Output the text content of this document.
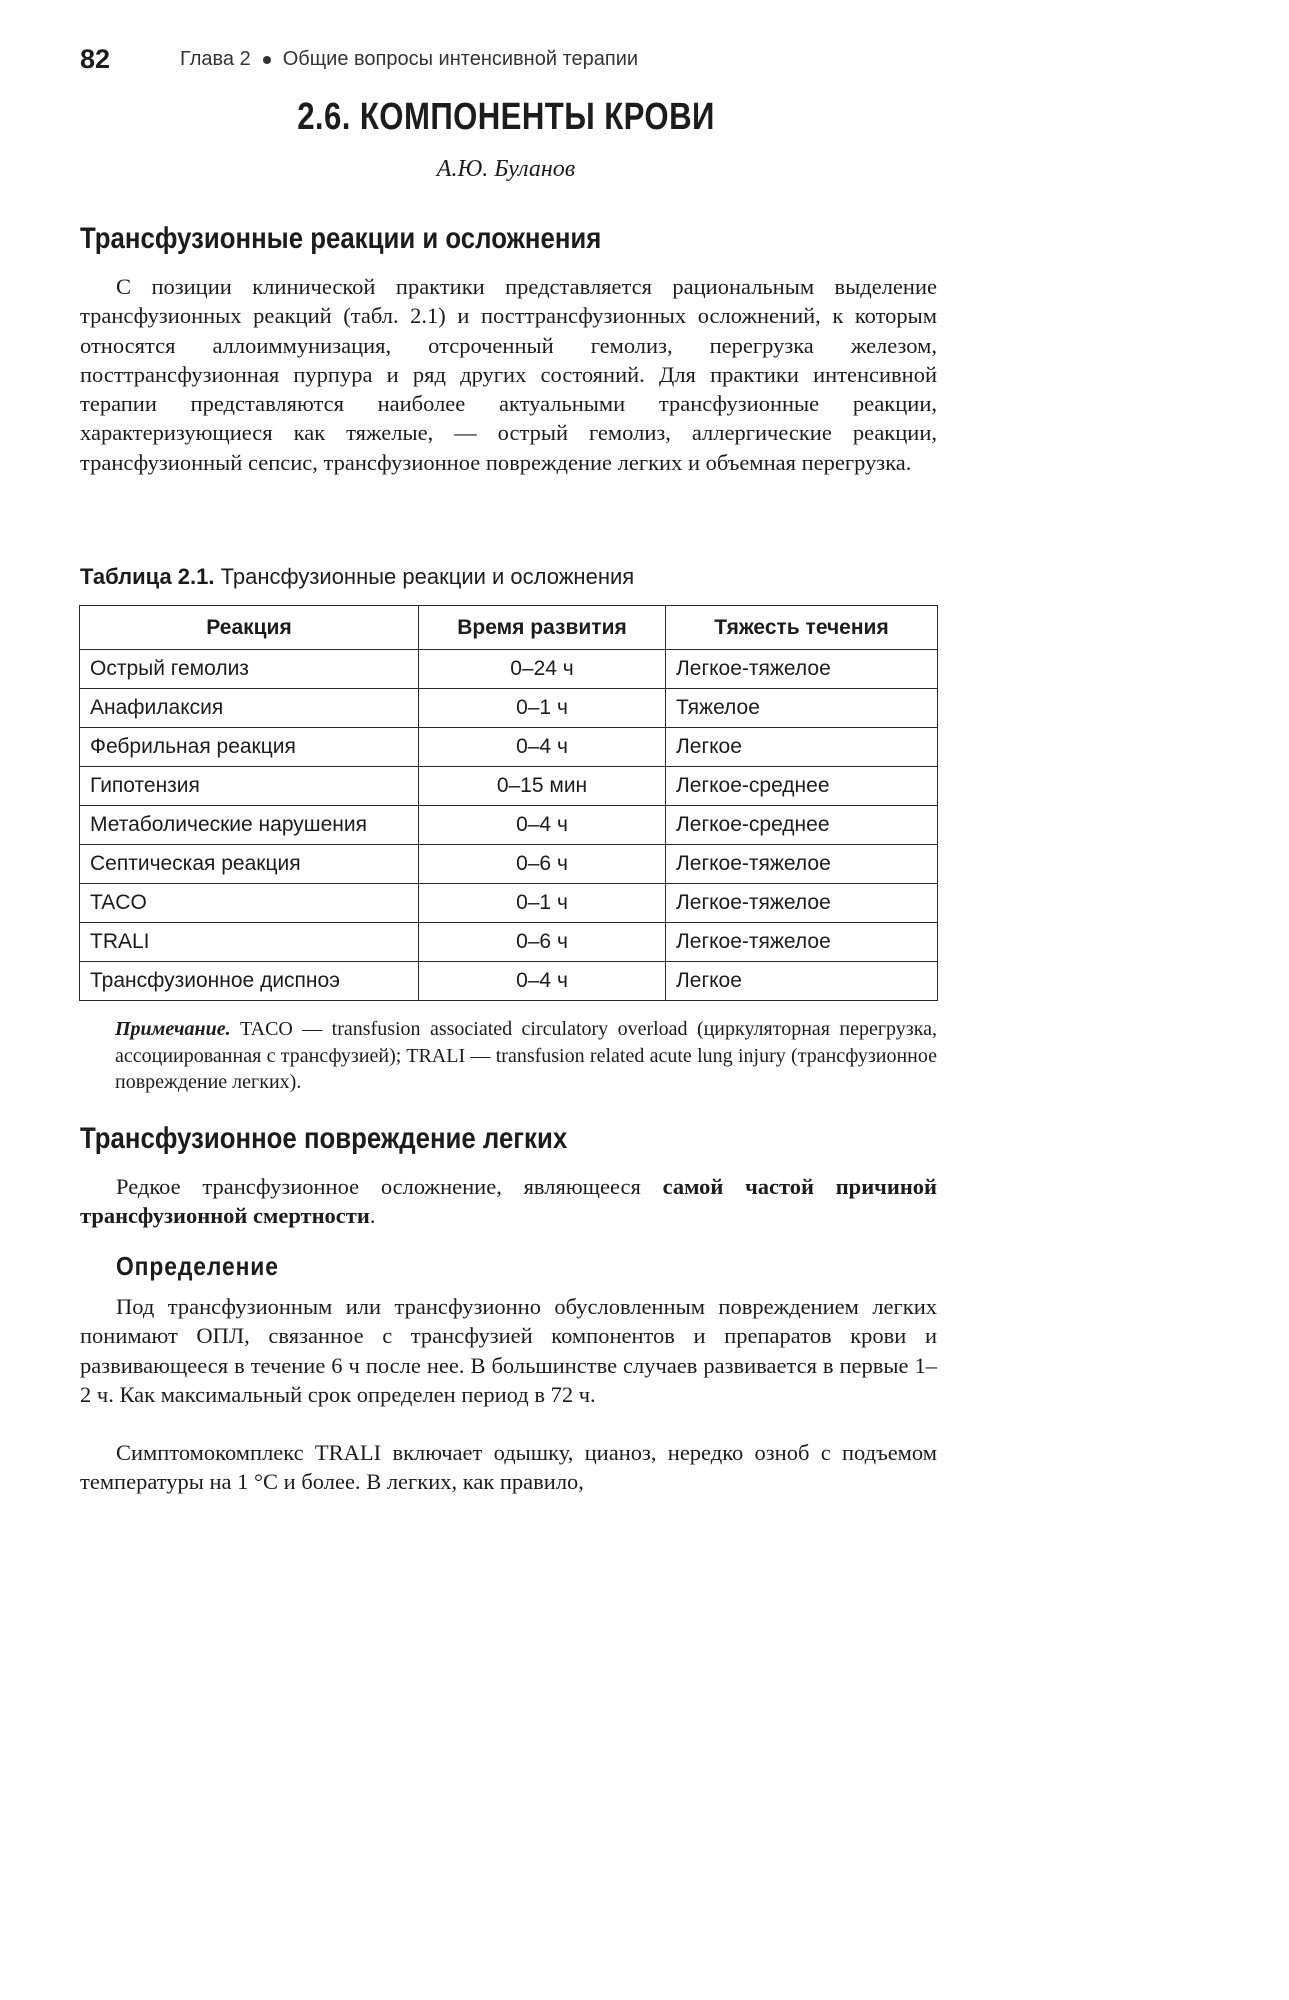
82	Глава 2 Общие вопросы интенсивной терапии
2.6. КОМПОНЕНТЫ КРОВИ
А.Ю. Буланов
Трансфузионные реакции и осложнения
С позиции клинической практики представляется рациональным выделение трансфузионных реакций (табл. 2.1) и посттрансфузионных осложнений, к которым относятся аллоиммунизация, отсроченный гемолиз, перегрузка железом, посттрансфузионная пурпура и ряд других состояний. Для практики интенсивной терапии представляются наиболее актуальными трансфузионные реакции, характеризующиеся как тяжелые, — острый гемолиз, аллергические реакции, трансфузионный сепсис, трансфузионное повреждение легких и объемная перегрузка.
Таблица 2.1. Трансфузионные реакции и осложнения
Реакция	Время развития	Тяжесть течения
Острый гемолиз	0–24 ч	Легкое-тяжелое
Анафилаксия	0–1 ч	Тяжелое
Фебрильная реакция	0–4 ч	Легкое
Гипотензия	0–15 мин	Легкое-среднее
Метаболические нарушения	0–4 ч	Легкое-среднее
Септическая реакция	0–6 ч	Легкое-тяжелое
TACO	0–1 ч	Легкое-тяжелое
TRALI	0–6 ч	Легкое-тяжелое
Трансфузионное диспноэ	0–4 ч	Легкое
Примечание. TACO — transfusion associated circulatory overload (циркуляторная перегрузка, ассоциированная с трансфузией); TRALI — transfusion related acute lung injury (трансфузионное повреждение легких).
Трансфузионное повреждение легких
Редкое трансфузионное осложнение, являющееся самой частой причиной трансфузионной смертности.
Определение
Под трансфузионным или трансфузионно обусловленным повреждением легких понимают ОПЛ, связанное с трансфузией компонентов и препаратов крови и развивающееся в течение 6 ч после нее. В большинстве случаев развивается в первые 1–2 ч. Как максимальный срок определен период в 72 ч.
Симптомокомплекс TRALI включает одышку, цианоз, нередко озноб с подъемом температуры на 1 °С и более. В легких, как правило,
